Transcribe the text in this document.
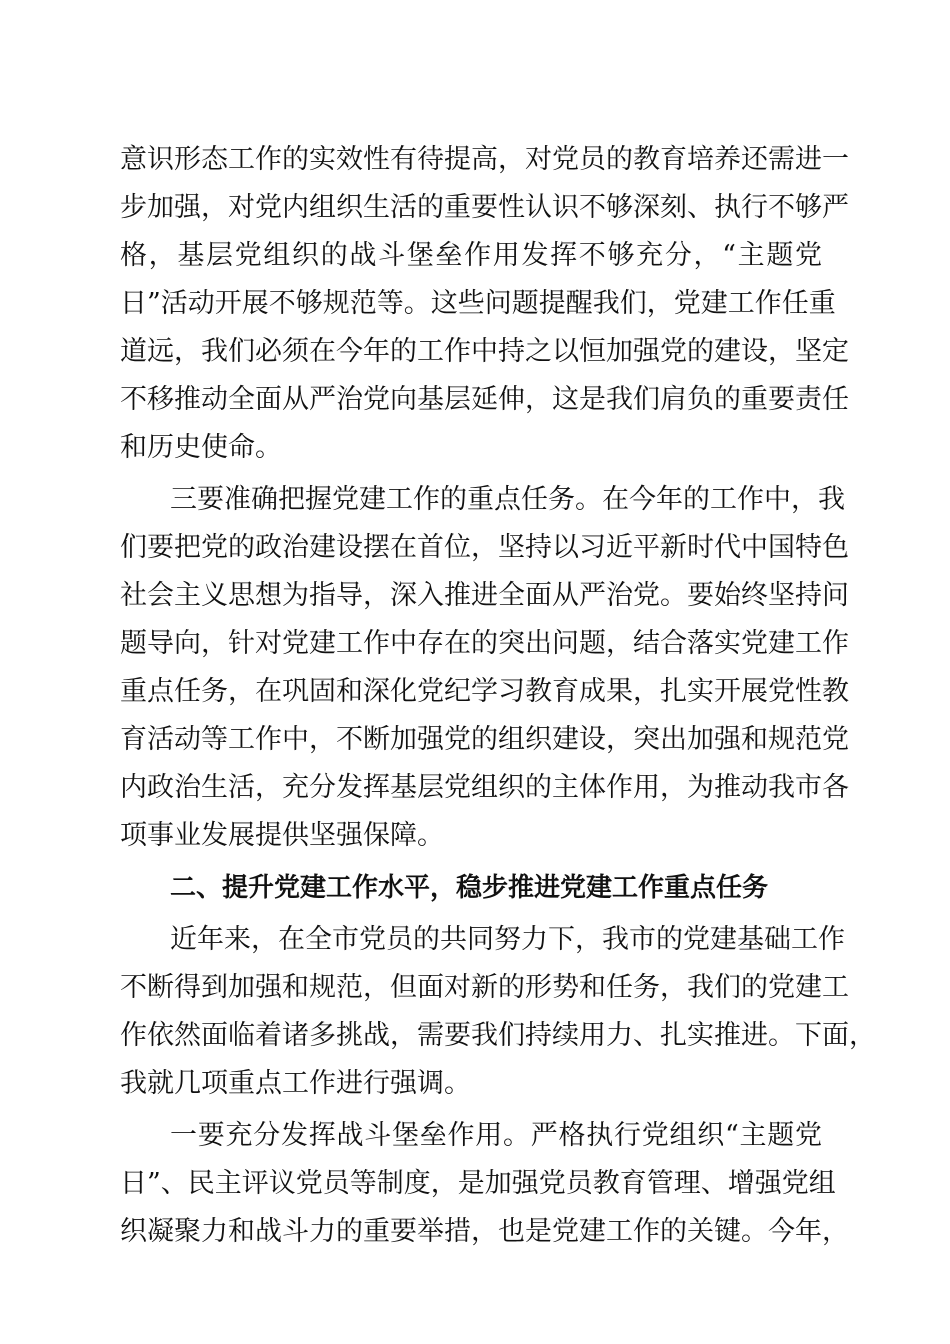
意识形态工作的实效性有待提高，对党员的教育培养还需进一
步加强，对党内组织生活的重要性认识不够深刻、执行不够严
格，基层党组织的战斗堡垒作用发挥不够充分，“主题党
日”活动开展不够规范等。这些问题提醒我们，党建工作任重
道远，我们必须在今年的工作中持之以恒加强党的建设，坚定
不移推动全面从严治党向基层延伸，这是我们肩负的重要责任
和历史使命。
三要准确把握党建工作的重点任务。在今年的工作中，我
们要把党的政治建设摆在首位，坚持以习近平新时代中国特色
社会主义思想为指导，深入推进全面从严治党。要始终坚持问
题导向，针对党建工作中存在的突出问题，结合落实党建工作
重点任务，在巩固和深化党纪学习教育成果，扎实开展党性教
育活动等工作中，不断加强党的组织建设，突出加强和规范党
内政治生活，充分发挥基层党组织的主体作用，为推动我市各
项事业发展提供坚强保障。
二、提升党建工作水平，稳步推进党建工作重点任务
近年来，在全市党员的共同努力下，我市的党建基础工作
不断得到加强和规范，但面对新的形势和任务，我们的党建工
作依然面临着诸多挑战，需要我们持续用力、扎实推进。下面，
我就几项重点工作进行强调。
一要充分发挥战斗堡垒作用。严格执行党组织“主题党
日”、民主评议党员等制度，是加强党员教育管理、增强党组
织凝聚力和战斗力的重要举措，也是党建工作的关键。今年，
